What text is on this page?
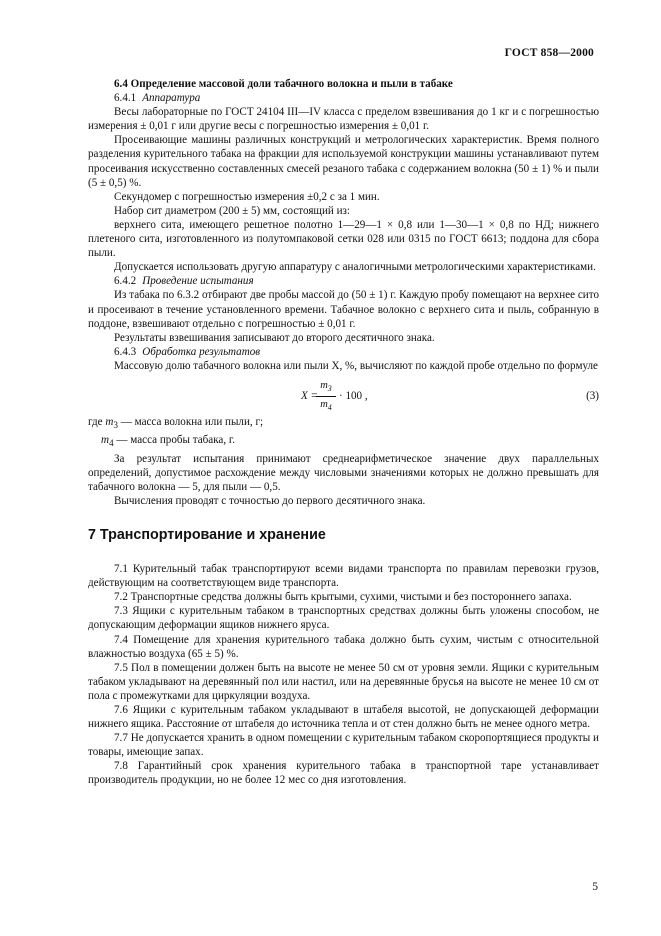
ГОСТ 858—2000

6.4 Определение массовой доли табачного волокна и пыли в табаке

6.4.1 Аппаратура

Весы лабораторные по ГОСТ 24104 III—IV класса с пределом взвешивания до 1 кг и с погрешностью измерения ± 0,01 г или другие весы с погрешностью измерения ± 0,01 г.

Просеивающие машины различных конструкций и метрологических характеристик. Время полного разделения курительного табака на фракции для используемой конструкции машины устанавливают путем просеивания искусственно составленных смесей резаного табака с содержанием волокна (50 ± 1) % и пыли (5 ± 0,5) %.

Секундомер с погрешностью измерения ±0,2 с за 1 мин.

Набор сит диаметром (200 ± 5) мм, состоящий из:

верхнего сита, имеющего решетное полотно 1—29—1 × 0,8 или 1—30—1 × 0,8 по НД; нижнего плетеного сита, изготовленного из полутомпаковой сетки 028 или 0315 по ГОСТ 6613; поддона для сбора пыли.

Допускается использовать другую аппаратуру с аналогичными метрологическими характеристиками.

6.4.2 Проведение испытания

Из табака по 6.3.2 отбирают две пробы массой до (50 ± 1) г. Каждую пробу помещают на верхнее сито и просеивают в течение установленного времени. Табачное волокно с верхнего сита и пыль, собранную в поддоне, взвешивают отдельно с погрешностью ± 0,01 г.

Результаты взвешивания записывают до второго десятичного знака.

6.4.3 Обработка результатов

Массовую долю табачного волокна или пыли X, %, вычисляют по каждой пробе отдельно по формуле

X =
$m_3$
$m_4$
· 100 ,	(3)

где $m_3$ — масса волокна или пыли, г;

$m_4$ — масса пробы табака, г.

За результат испытания принимают среднеарифметическое значение двух параллельных определений, допустимое расхождение между числовыми значениями которых не должно превышать для табачного волокна — 5, для пыли — 0,5.

Вычисления проводят с точностью до первого десятичного знака.

7 Транспортирование и хранение

7.1 Курительный табак транспортируют всеми видами транспорта по правилам перевозки грузов, действующим на соответствующем виде транспорта.

7.2 Транспортные средства должны быть крытыми, сухими, чистыми и без постороннего запаха.

7.3 Ящики с курительным табаком в транспортных средствах должны быть уложены способом, не допускающим деформации ящиков нижнего яруса.

7.4 Помещение для хранения курительного табака должно быть сухим, чистым с относительной влажностью воздуха (65 ± 5) %.

7.5 Пол в помещении должен быть на высоте не менее 50 см от уровня земли. Ящики с курительным табаком укладывают на деревянный пол или настил, или на деревянные брусья на высоте не менее 10 см от пола с промежутками для циркуляции воздуха.

7.6 Ящики с курительным табаком укладывают в штабеля высотой, не допускающей деформации нижнего ящика. Расстояние от штабеля до источника тепла и от стен должно быть не менее одного метра.

7.7 Не допускается хранить в одном помещении с курительным табаком скоропортящиеся продукты и товары, имеющие запах.

7.8 Гарантийный срок хранения курительного табака в транспортной таре устанавливает производитель продукции, но не более 12 мес со дня изготовления.

5
